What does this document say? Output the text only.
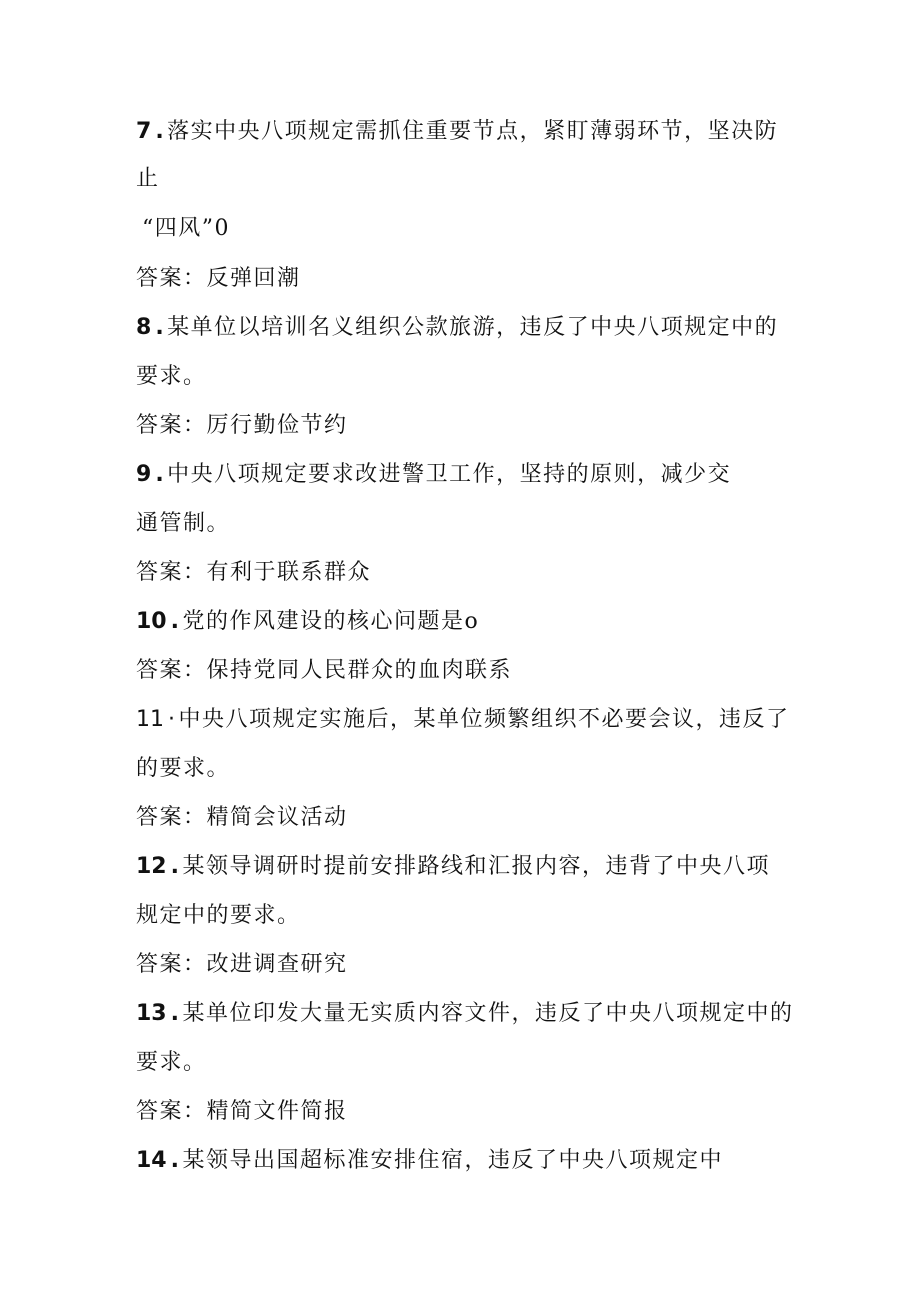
7 .落实中央八项规定需抓住重要节点，紧盯薄弱环节，坚决防
止
“四风”0
答案：反弹回潮
8 .某单位以培训名义组织公款旅游，违反了中央八项规定中的
要求。
答案：厉行勤俭节约
9 .中央八项规定要求改进警卫工作，坚持的原则，减少交
通管制。
答案：有利于联系群众
10 .党的作风建设的核心问题是o
答案：保持党同人民群众的血肉联系
11 ·中央八项规定实施后，某单位频繁组织不必要会议，违反了
的要求。
答案：精简会议活动
12 .某领导调研时提前安排路线和汇报内容，违背了中央八项
规定中的要求。
答案：改进调查研究
13 .某单位印发大量无实质内容文件，违反了中央八项规定中的
要求。
答案：精简文件简报
14 .某领导出国超标准安排住宿，违反了中央八项规定中
